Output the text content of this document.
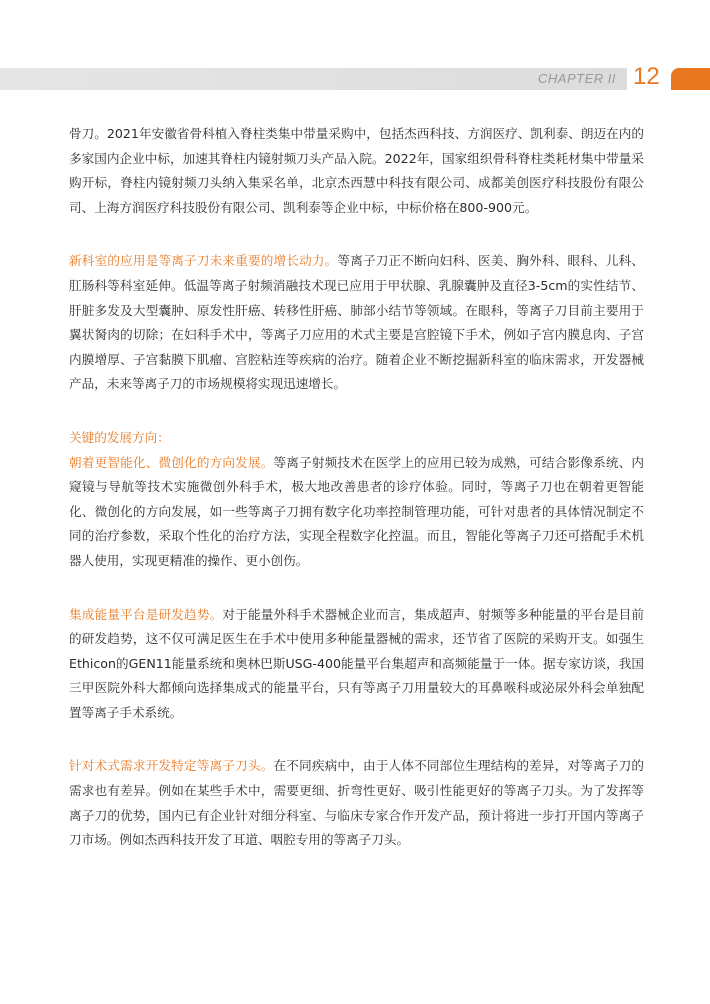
CHAPTER II 12

骨刀。2021年安徽省骨科植入脊柱类集中带量采购中，包括杰西科技、方润医疗、凯利泰、朗迈在内的多家国内企业中标，加速其脊柱内镜射频刀头产品入院。2022年，国家组织骨科脊柱类耗材集中带量采购开标，脊柱内镜射频刀头纳入集采名单，北京杰西慧中科技有限公司、成都美创医疗科技股份有限公司、上海方润医疗科技股份有限公司、凯利泰等企业中标，中标价格在800-900元。

新科室的应用是等离子刀未来重要的增长动力。等离子刀正不断向妇科、医美、胸外科、眼科、儿科、肛肠科等科室延伸。低温等离子射频消融技术现已应用于甲状腺、乳腺囊肿及直径3-5cm的实性结节、肝脏多发及大型囊肿、原发性肝癌、转移性肝癌、肺部小结节等领域。在眼科，等离子刀目前主要用于翼状胬肉的切除；在妇科手术中，等离子刀应用的术式主要是宫腔镜下手术，例如子宫内膜息肉、子宫内膜增厚、子宫黏膜下肌瘤、宫腔粘连等疾病的治疗。随着企业不断挖掘新科室的临床需求，开发器械产品，未来等离子刀的市场规模将实现迅速增长。

关键的发展方向：

朝着更智能化、微创化的方向发展。等离子射频技术在医学上的应用已较为成熟，可结合影像系统、内窥镜与导航等技术实施微创外科手术，极大地改善患者的诊疗体验。同时，等离子刀也在朝着更智能化、微创化的方向发展，如一些等离子刀拥有数字化功率控制管理功能，可针对患者的具体情况制定不同的治疗参数，采取个性化的治疗方法，实现全程数字化控温。而且，智能化等离子刀还可搭配手术机器人使用，实现更精准的操作、更小创伤。

集成能量平台是研发趋势。对于能量外科手术器械企业而言，集成超声、射频等多种能量的平台是目前的研发趋势，这不仅可满足医生在手术中使用多种能量器械的需求，还节省了医院的采购开支。如强生Ethicon的GEN11能量系统和奥林巴斯USG-400能量平台集超声和高频能量于一体。据专家访谈，我国三甲医院外科大都倾向选择集成式的能量平台，只有等离子刀用量较大的耳鼻喉科或泌尿外科会单独配置等离子手术系统。

针对术式需求开发特定等离子刀头。在不同疾病中，由于人体不同部位生理结构的差异，对等离子刀的需求也有差异。例如在某些手术中，需要更细、折弯性更好、吸引性能更好的等离子刀头。为了发挥等离子刀的优势，国内已有企业针对细分科室、与临床专家合作开发产品，预计将进一步打开国内等离子刀市场。例如杰西科技开发了耳道、咽腔专用的等离子刀头。
